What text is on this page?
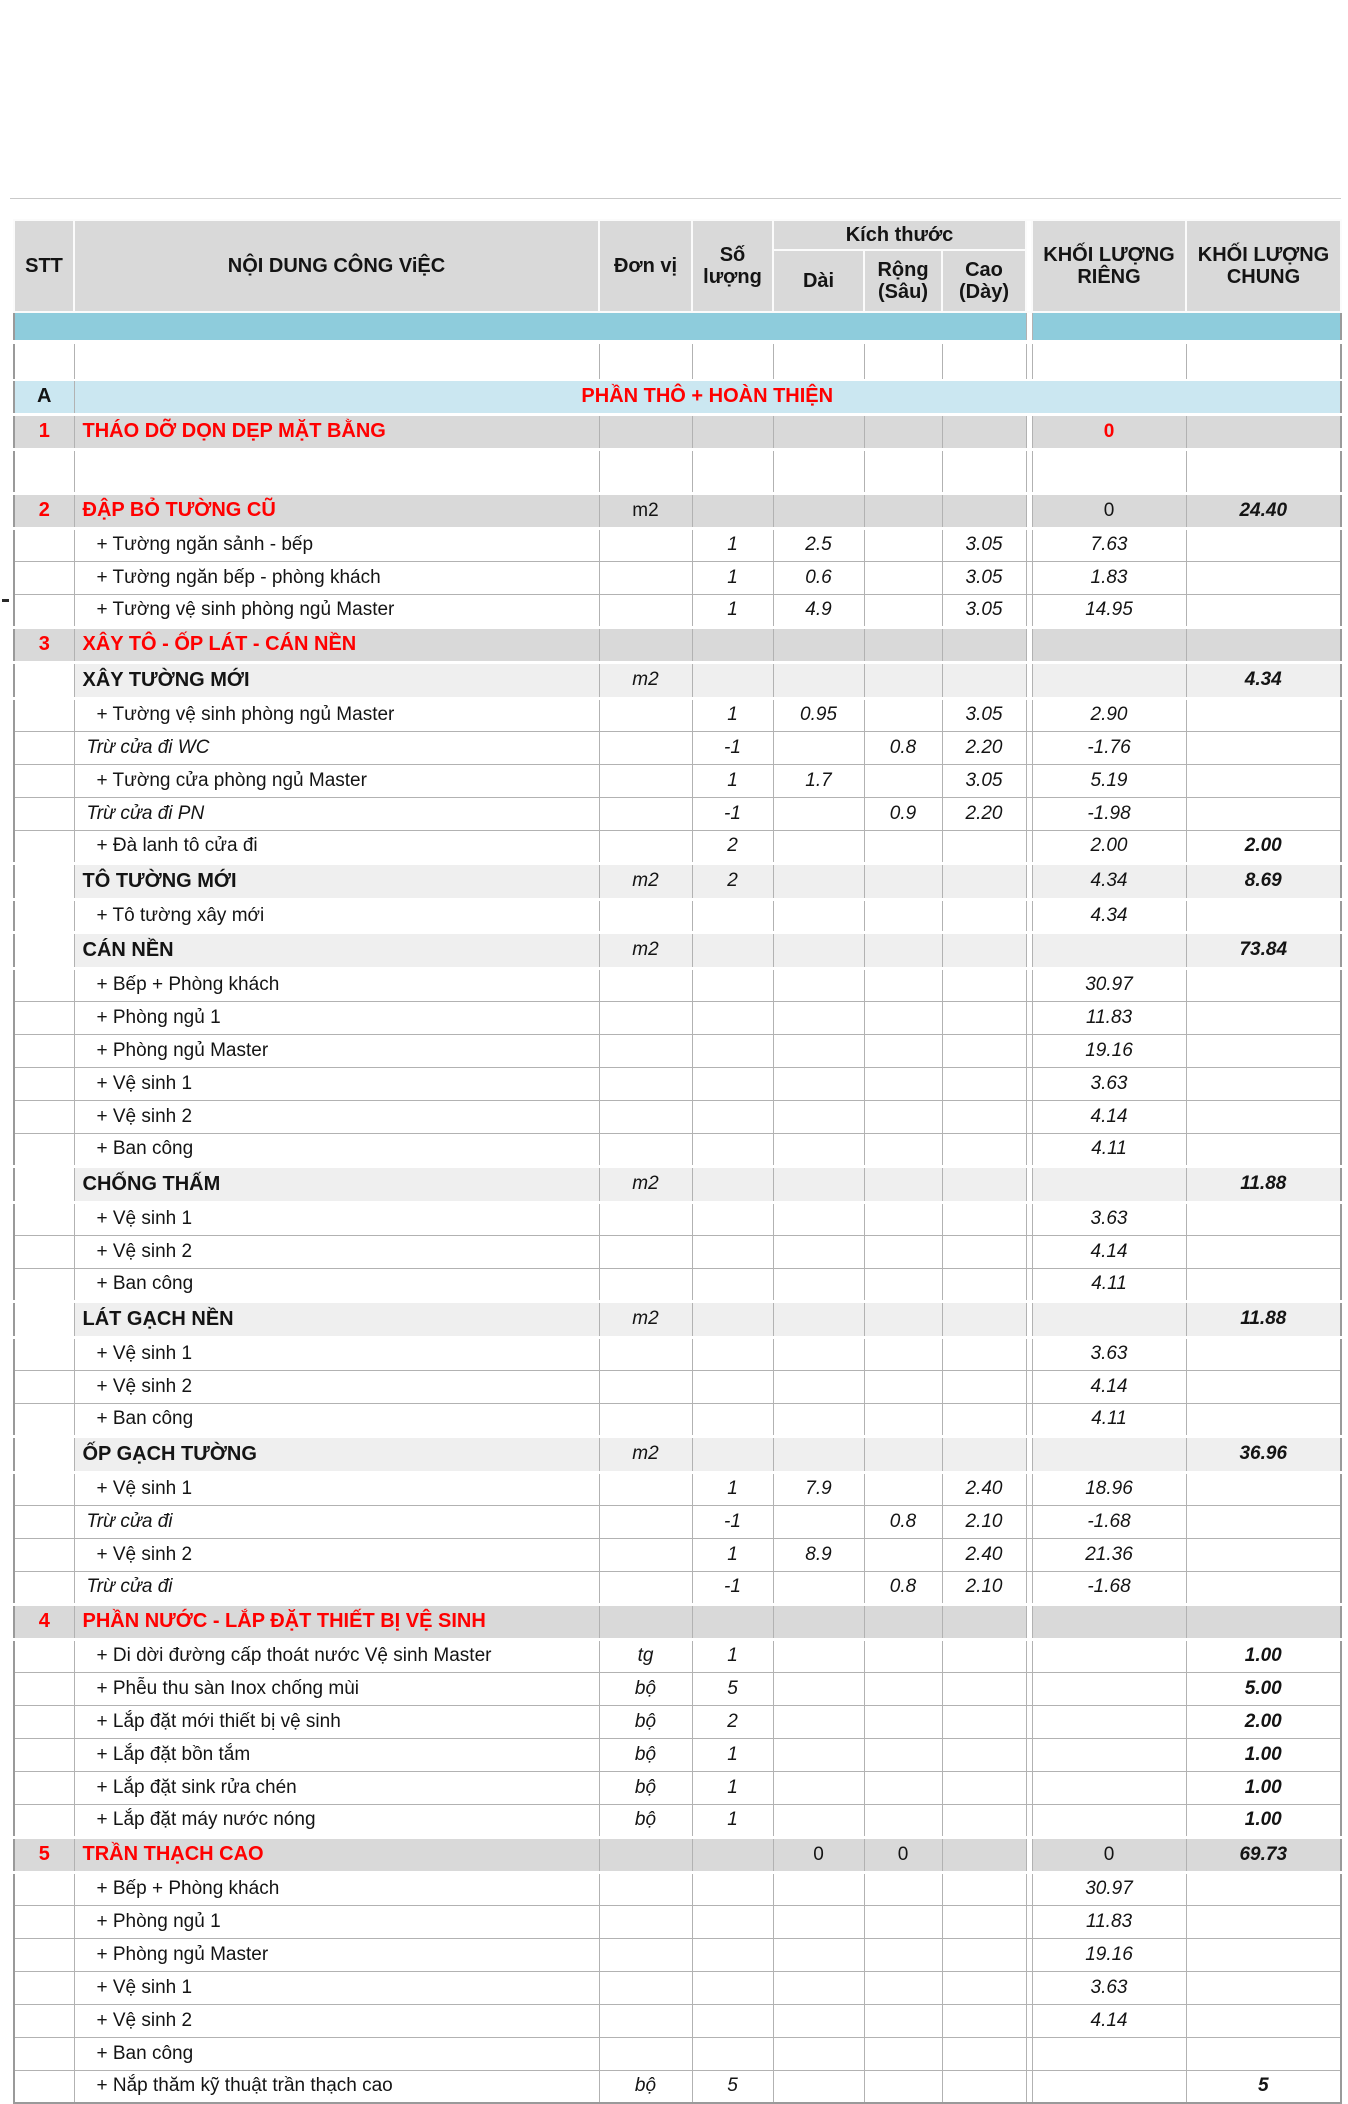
STT	NỘI DUNG CÔNG ViỆC	Đơn vị	Số lượng	Kích thước				KHỐI LƯỢNG RIÊNG	KHỐI LƯỢNG CHUNG
				Dài	Rộng (Sâu)	Cao (Dày)			

A	PHẦN THÔ + HOÀN THIỆN								
1	THÁO DỠ DỌN DẸP MẶT BẰNG							0	

2	ĐẬP BỎ TƯỜNG CŨ	m2						0	24.40
	+ Tường ngăn sảnh - bếp		1	2.5		3.05		7.63	
	+ Tường ngăn bếp - phòng khách		1	0.6		3.05		1.83	
	+ Tường vệ sinh phòng ngủ Master		1	4.9		3.05		14.95	
3	XÂY TÔ - ỐP LÁT - CÁN NỀN								
	XÂY TƯỜNG MỚI	m2							4.34
	+ Tường vệ sinh phòng ngủ Master		1	0.95		3.05		2.90	
	Trừ cửa đi WC		-1		0.8	2.20		-1.76	
	+ Tường cửa phòng ngủ Master		1	1.7		3.05		5.19	
	Trừ cửa đi PN		-1		0.9	2.20		-1.98	
	+ Đà lanh tô cửa đi		2					2.00	2.00
	TÔ TƯỜNG MỚI	m2	2					4.34	8.69
	+ Tô tường xây mới							4.34	
	CÁN NỀN	m2							73.84
	+ Bếp + Phòng khách							30.97	
	+ Phòng ngủ 1							11.83	
	+ Phòng ngủ Master							19.16	
	+ Vệ sinh 1							3.63	
	+ Vệ sinh 2							4.14	
	+ Ban công							4.11	
	CHỐNG THẤM	m2							11.88
	+ Vệ sinh 1							3.63	
	+ Vệ sinh 2							4.14	
	+ Ban công							4.11	
	LÁT GẠCH NỀN	m2							11.88
	+ Vệ sinh 1							3.63	
	+ Vệ sinh 2							4.14	
	+ Ban công							4.11	
	ỐP GẠCH TƯỜNG	m2							36.96
	+ Vệ sinh 1		1	7.9		2.40		18.96	
	Trừ cửa đi		-1		0.8	2.10		-1.68	
	+ Vệ sinh 2		1	8.9		2.40		21.36	
	Trừ cửa đi		-1		0.8	2.10		-1.68	
4	PHẦN NƯỚC - LẮP ĐẶT THIẾT BỊ VỆ SINH								
	+ Di dời đường cấp thoát nước Vệ sinh Master	tg	1						1.00
	+ Phễu thu sàn Inox chống mùi	bộ	5						5.00
	+ Lắp đặt mới thiết bị vệ sinh	bộ	2						2.00
	+ Lắp đặt bồn tắm	bộ	1						1.00
	+ Lắp đặt sink rửa chén	bộ	1						1.00
	+ Lắp đặt máy nước nóng	bộ	1						1.00
5	TRẦN THẠCH CAO			0	0			0	69.73
	+ Bếp + Phòng khách							30.97	
	+ Phòng ngủ 1							11.83	
	+ Phòng ngủ Master							19.16	
	+ Vệ sinh 1							3.63	
	+ Vệ sinh 2							4.14	
	+ Ban công								
	+ Nắp thăm kỹ thuật trần thạch cao	bộ	5						5
